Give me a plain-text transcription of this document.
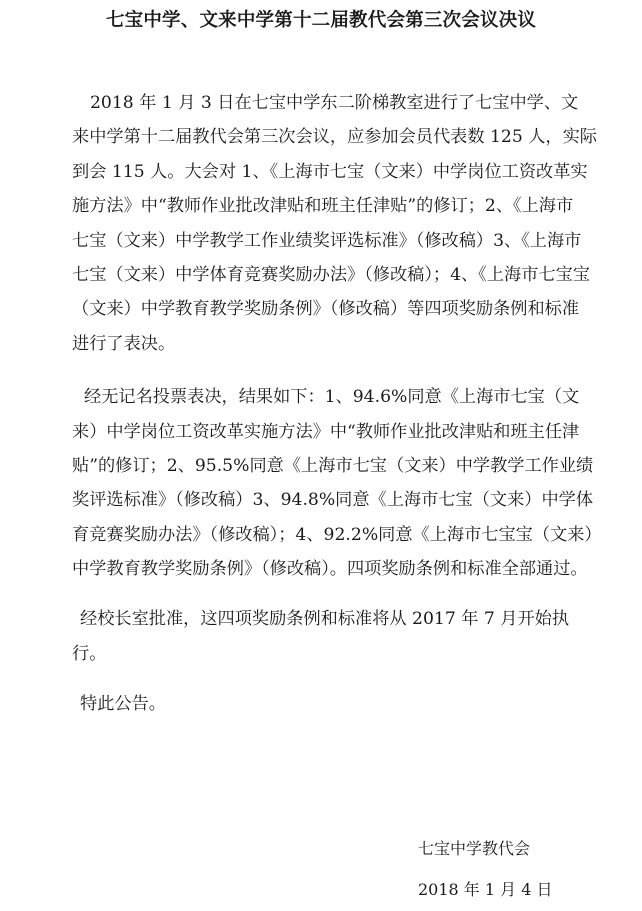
七宝中学、文来中学第十二届教代会第三次会议决议
2018 年 1 月 3 日在七宝中学东二阶梯教室进行了七宝中学、文
来中学第十二届教代会第三次会议，应参加会员代表数 125 人，实际
到会 115 人。大会对 1、《上海市七宝（文来）中学岗位工资改革实
施方法》中“教师作业批改津贴和班主任津贴”的修订；2、《上海市
七宝（文来）中学教学工作业绩奖评选标准》（修改稿）3、《上海市
七宝（文来）中学体育竞赛奖励办法》（修改稿）；4、《上海市七宝宝
（文来）中学教育教学奖励条例》（修改稿）等四项奖励条例和标准
进行了表决。
经无记名投票表决，结果如下：1、94.6%同意《上海市七宝（文
来）中学岗位工资改革实施方法》中“教师作业批改津贴和班主任津
贴”的修订；2、95.5%同意《上海市七宝（文来）中学教学工作业绩
奖评选标准》（修改稿）3、94.8%同意《上海市七宝（文来）中学体
育竞赛奖励办法》（修改稿）；4、92.2%同意《上海市七宝宝（文来）
中学教育教学奖励条例》（修改稿）。四项奖励条例和标准全部通过。
经校长室批准，这四项奖励条例和标准将从 2017 年 7 月开始执
行。
特此公告。
七宝中学教代会
2018 年 1 月 4 日
